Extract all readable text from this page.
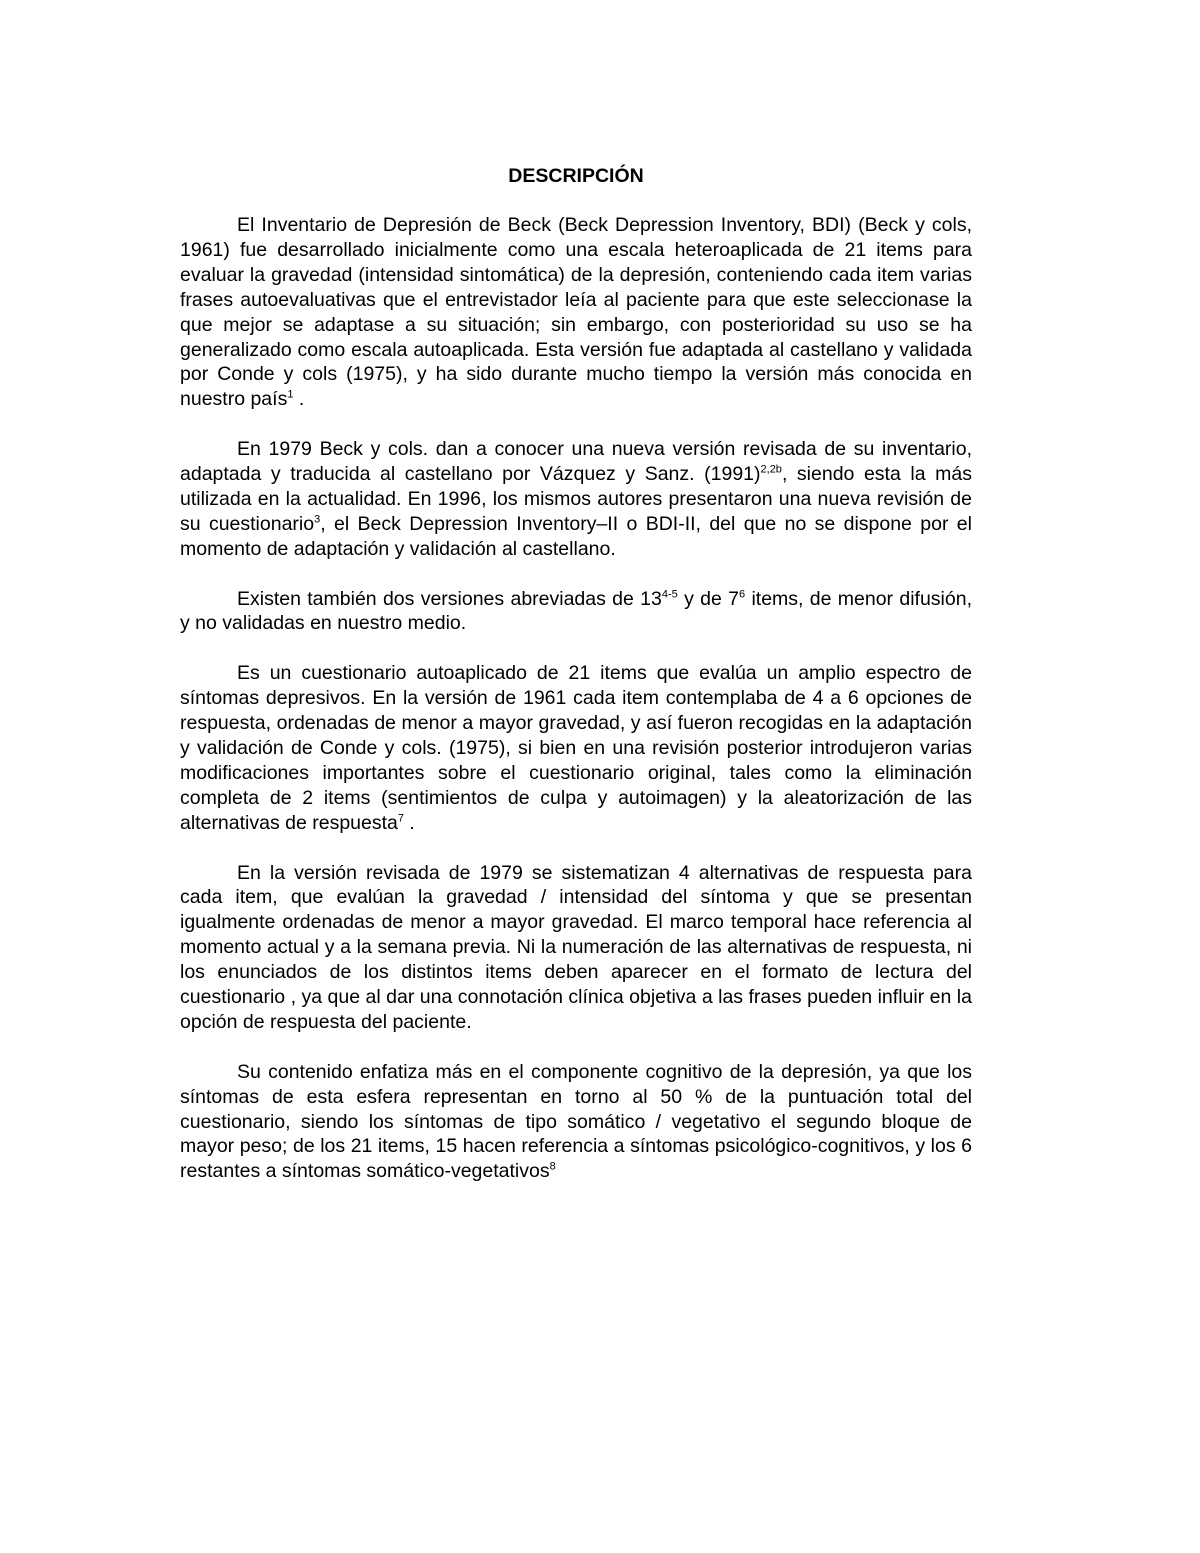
DESCRIPCIÓN

El Inventario de Depresión de Beck (Beck Depression Inventory, BDI) (Beck y cols, 1961) fue desarrollado inicialmente como una escala heteroaplicada de 21 items para evaluar la gravedad (intensidad sintomática) de la depresión, conteniendo cada item varias frases autoevaluativas que el entrevistador leía al paciente para que este seleccionase la que mejor se adaptase a su situación; sin embargo, con posterioridad su uso se ha generalizado como escala autoaplicada. Esta versión fue adaptada al castellano y validada por Conde y cols (1975), y ha sido durante mucho tiempo la versión más conocida en nuestro país$^1$ .

En 1979 Beck y cols. dan a conocer una nueva versión revisada de su inventario, adaptada y traducida al castellano por Vázquez y Sanz. $(1991)^{2,2b}$, siendo esta la más utilizada en la actualidad. En 1996, los mismos autores presentaron una nueva revisión de su cuestionario$^3$, el Beck Depression Inventory–II o BDI-II, del que no se dispone por el momento de adaptación y validación al castellano.

Existen también dos versiones abreviadas de 13$^{4-5}$ y de $7^6$ items, de menor difusión, y no validadas en nuestro medio.

Es un cuestionario autoaplicado de 21 items que evalúa un amplio espectro de síntomas depresivos. En la versión de 1961 cada item contemplaba de 4 a 6 opciones de respuesta, ordenadas de menor a mayor gravedad, y así fueron recogidas en la adaptación y validación de Conde y cols. (1975), si bien en una revisión posterior introdujeron varias modificaciones importantes sobre el cuestionario original, tales como la eliminación completa de 2 items (sentimientos de culpa y autoimagen) y la aleatorización de las alternativas de respuesta$^7$ .

En la versión revisada de 1979 se sistematizan 4 alternativas de respuesta para cada item, que evalúan la gravedad / intensidad del síntoma y que se presentan igualmente ordenadas de menor a mayor gravedad. El marco temporal hace referencia al momento actual y a la semana previa. Ni la numeración de las alternativas de respuesta, ni los enunciados de los distintos items deben aparecer en el formato de lectura del cuestionario , ya que al dar una connotación clínica objetiva a las frases pueden influir en la opción de respuesta del paciente.

Su contenido enfatiza más en el componente cognitivo de la depresión, ya que los síntomas de esta esfera representan en torno al 50 % de la puntuación total del cuestionario, siendo los síntomas de tipo somático / vegetativo el segundo bloque de mayor peso; de los 21 items, 15 hacen referencia a síntomas psicológico-cognitivos, y los 6 restantes a síntomas somático-vegetativos$^8$
